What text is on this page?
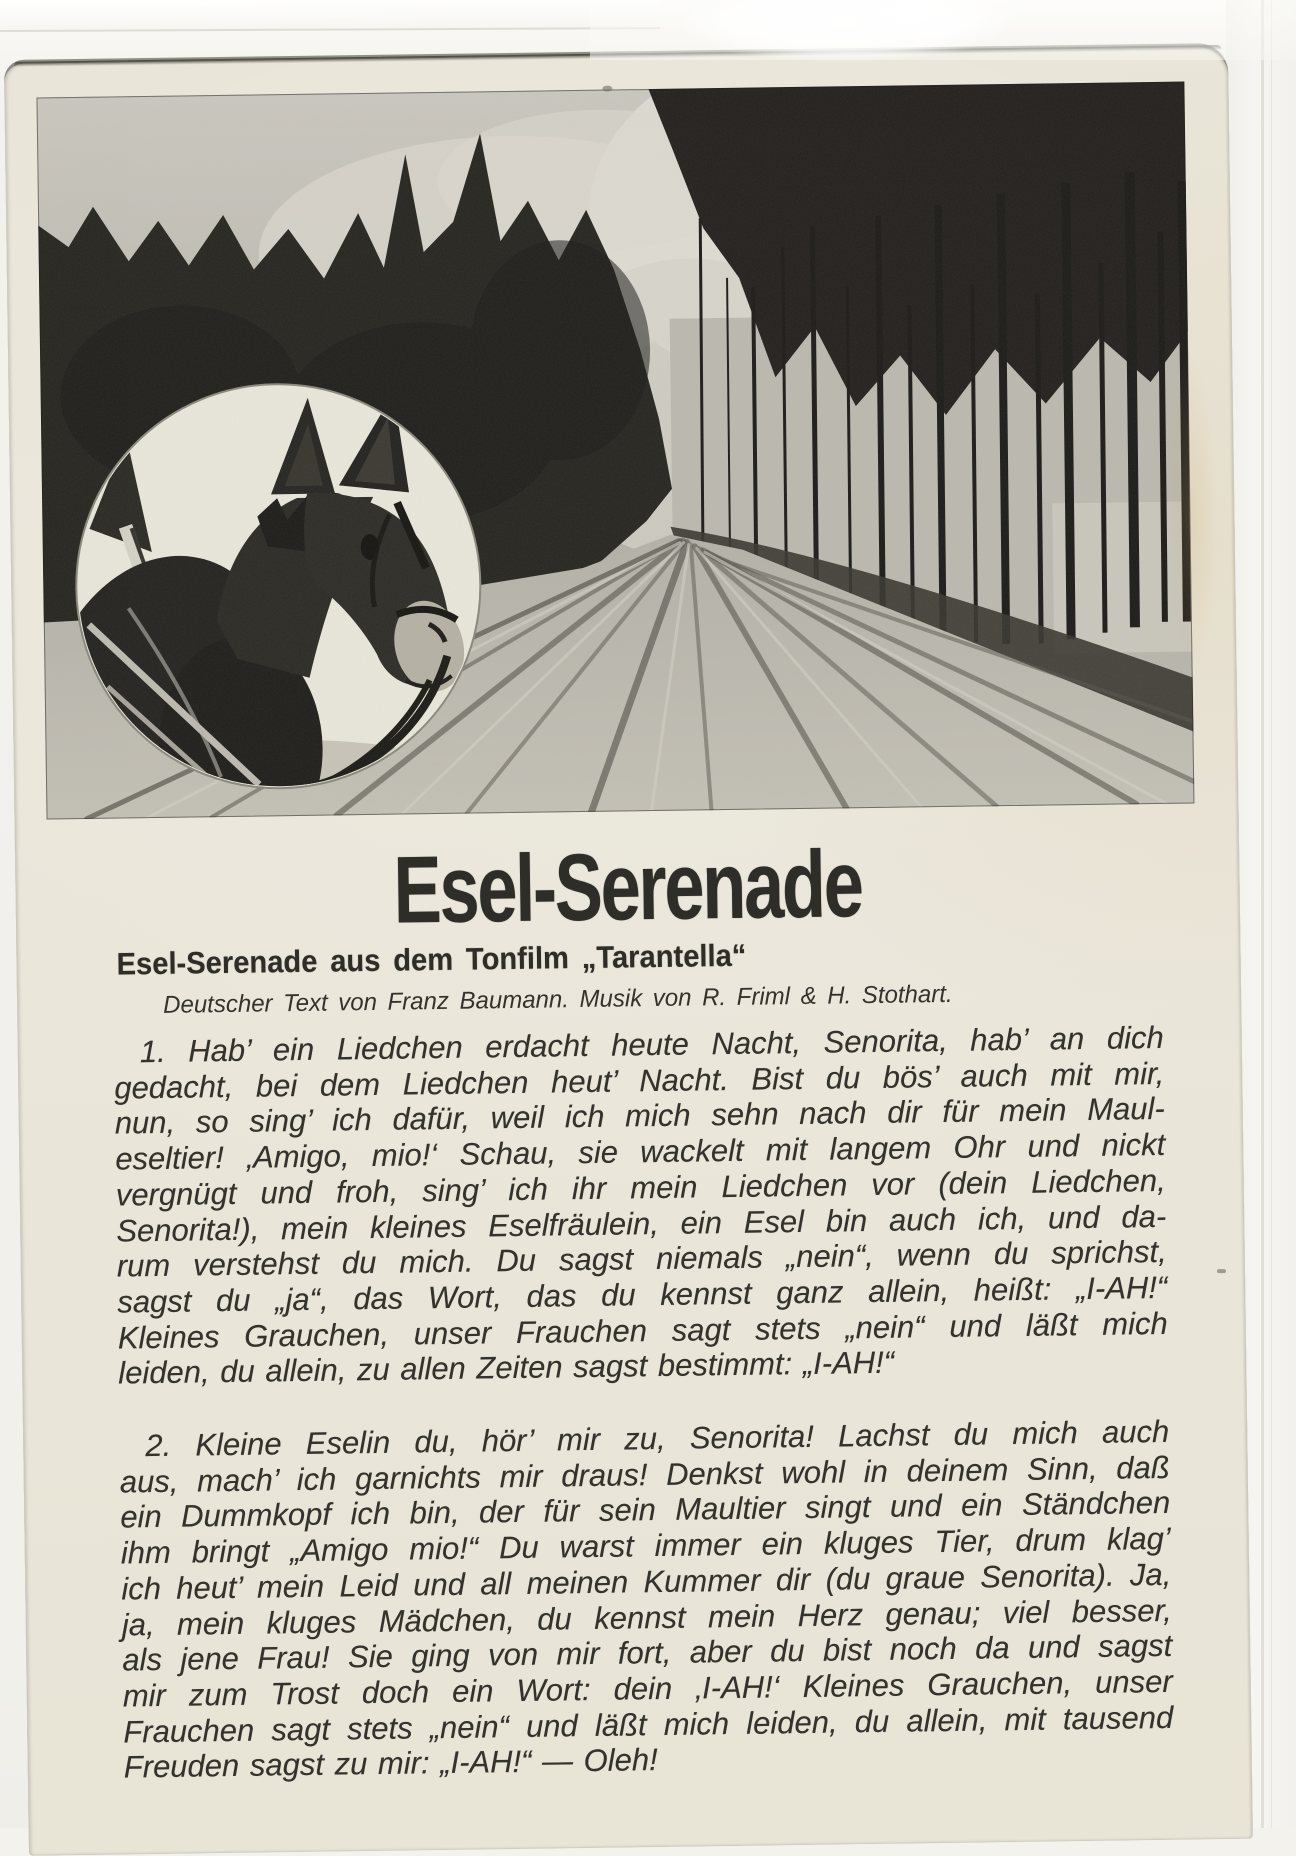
Esel-Serenade
Esel-Serenade aus dem Tonfilm „Tarantella“
Deutscher Text von Franz Baumann. Musik von R. Friml & H. Stothart.
1. Hab’ ein Liedchen erdacht heute Nacht, Senorita, hab’ an dich
gedacht, bei dem Liedchen heut’ Nacht. Bist du bös’ auch mit mir,
nun, so sing’ ich dafür, weil ich mich sehn nach dir für mein Maul-
eseltier! ‚Amigo, mio!‘ Schau, sie wackelt mit langem Ohr und nickt
vergnügt und froh, sing’ ich ihr mein Liedchen vor (dein Liedchen,
Senorita!), mein kleines Eselfräulein, ein Esel bin auch ich, und da-
rum verstehst du mich. Du sagst niemals „nein“, wenn du sprichst,
sagst du „ja“, das Wort, das du kennst ganz allein, heißt: „I-AH!“
Kleines Grauchen, unser Frauchen sagt stets „nein“ und läßt mich
leiden, du allein, zu allen Zeiten sagst bestimmt: „I-AH!“
2. Kleine Eselin du, hör’ mir zu, Senorita! Lachst du mich auch
aus, mach’ ich garnichts mir draus! Denkst wohl in deinem Sinn, daß
ein Dummkopf ich bin, der für sein Maultier singt und ein Ständchen
ihm bringt „Amigo mio!“ Du warst immer ein kluges Tier, drum klag’
ich heut’ mein Leid und all meinen Kummer dir (du graue Senorita). Ja,
ja, mein kluges Mädchen, du kennst mein Herz genau; viel besser,
als jene Frau! Sie ging von mir fort, aber du bist noch da und sagst
mir zum Trost doch ein Wort: dein ‚I-AH!‘ Kleines Grauchen, unser
Frauchen sagt stets „nein“ und läßt mich leiden, du allein, mit tausend
Freuden sagst zu mir: „I-AH!“ — Oleh!
